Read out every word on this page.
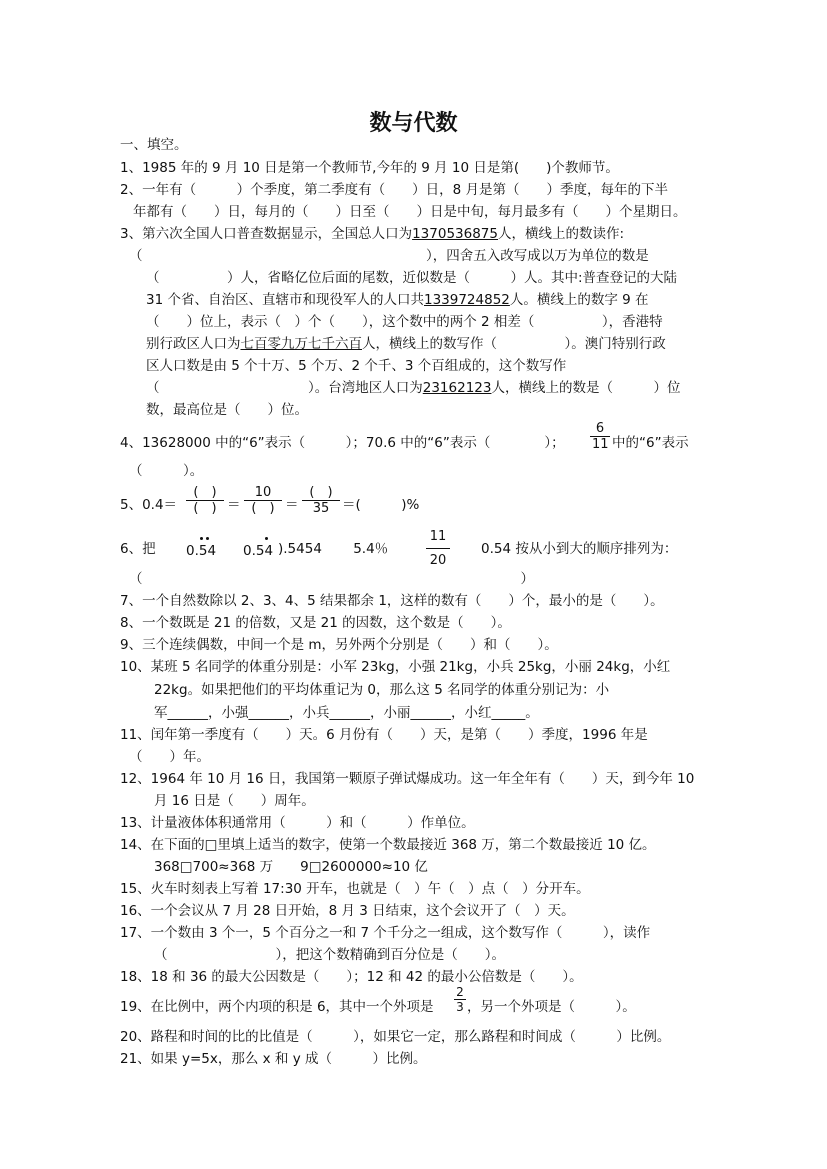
数与代数
一、填空。
1、1985 年的 9 月 10 日是第一个教师节,今年的 9 月 10 日是第(　　)个教师节。
2、一年有（　　　）个季度，第二季度有（　　）日，8 月是第（　　）季度，每年的下半
年都有（　　）日，每月的（　　）日至（　　）日是中旬，每月最多有（　　）个星期日。
3、第六次全国人口普查数据显示，全国总人口为1370536875人，横线上的数读作:
（　　　　　　　　　　　　　　　　　　　　　），四舍五入改写成以万为单位的数是
（　　　　　）人，省略亿位后面的尾数，近似数是（　　　）人。其中:普查登记的大陆
31 个省、自治区、直辖市和现役军人的人口共1339724852人。横线上的数字 9 在
（　　）位上，表示（　）个（　　），这个数中的两个 2 相差（　　　　　），香港特
别行政区人口为七百零九万七千六百人，横线上的数写作（　　　　　）。澳门特别行政
区人口数是由 5 个十万、5 个万、2 个千、3 个百组成的，这个数写作
（　　　　　　　　　　　）。台湾地区人口为23162123人，横线上的数是（　　　）位
数，最高位是（　　）位。
4、13628000 中的“6”表示（　　　）；70.6 中的“6”表示（　　　　）； $\frac{6}{11}$ 中的“6”表示
（　　　）。
5、0.4＝
(　)
(　) ＝
10
(　) ＝
(　)
35 ＝(　　　)%
6、把 0.54 0.54 ).5454　　 5.4％	$\frac{11}{20} 0.54$ 按从小到大的顺序排列为：
（　　　　　　　　　　　　　　　　　　　　　　　　　　　　）
7、一个自然数除以 2、3、4、5 结果都余 1，这样的数有（　　）个，最小的是（　　）。
8、一个数既是 21 的倍数，又是 21 的因数，这个数是（　　）。
9、三个连续偶数，中间一个是 m，另外两个分别是（　　）和（　　）。
10、某班 5 名同学的体重分别是：小军 23kg，小强 21kg，小兵 25kg，小丽 24kg，小红
22kg。如果把他们的平均体重记为 0，那么这 5 名同学的体重分别记为：小
军______，小强______，小兵______，小丽______，小红_____。
11、闰年第一季度有（　　）天。6 月份有（　　）天，是第（　　）季度，1996 年是
（　　）年。
12、1964 年 10 月 16 日，我国第一颗原子弹试爆成功。这一年全年有（　　）天，到今年 10
月 16 日是（　　）周年。
13、计量液体体积通常用（　　　）和（　　　）作单位。
14、在下面的□里填上适当的数字，使第一个数最接近 368 万，第二个数最接近 10 亿。
368□700≈368 万　　9□2600000≈10 亿
15、火车时刻表上写着 17:30 开车，也就是（　）午（　）点（　）分开车。
16、一个会议从 7 月 28 日开始，8 月 3 日结束，这个会议开了（　）天。
17、一个数由 3 个一，5 个百分之一和 7 个千分之一组成，这个数写作（　　　），读作
（　　　　　　　　），把这个数精确到百分位是（　　）。
18、18 和 36 的最大公因数是（　　）；12 和 42 的最小公倍数是（　　）。
19、在比例中，两个内项的积是 6，其中一个外项是 $\frac{2}{3}$ ，另一个外项是（　　　）。
20、路程和时间的比的比值是（　　　），如果它一定，那么路程和时间成（　　　）比例。
21、如果 y=5x，那么 x 和 y 成（　　　）比例。
